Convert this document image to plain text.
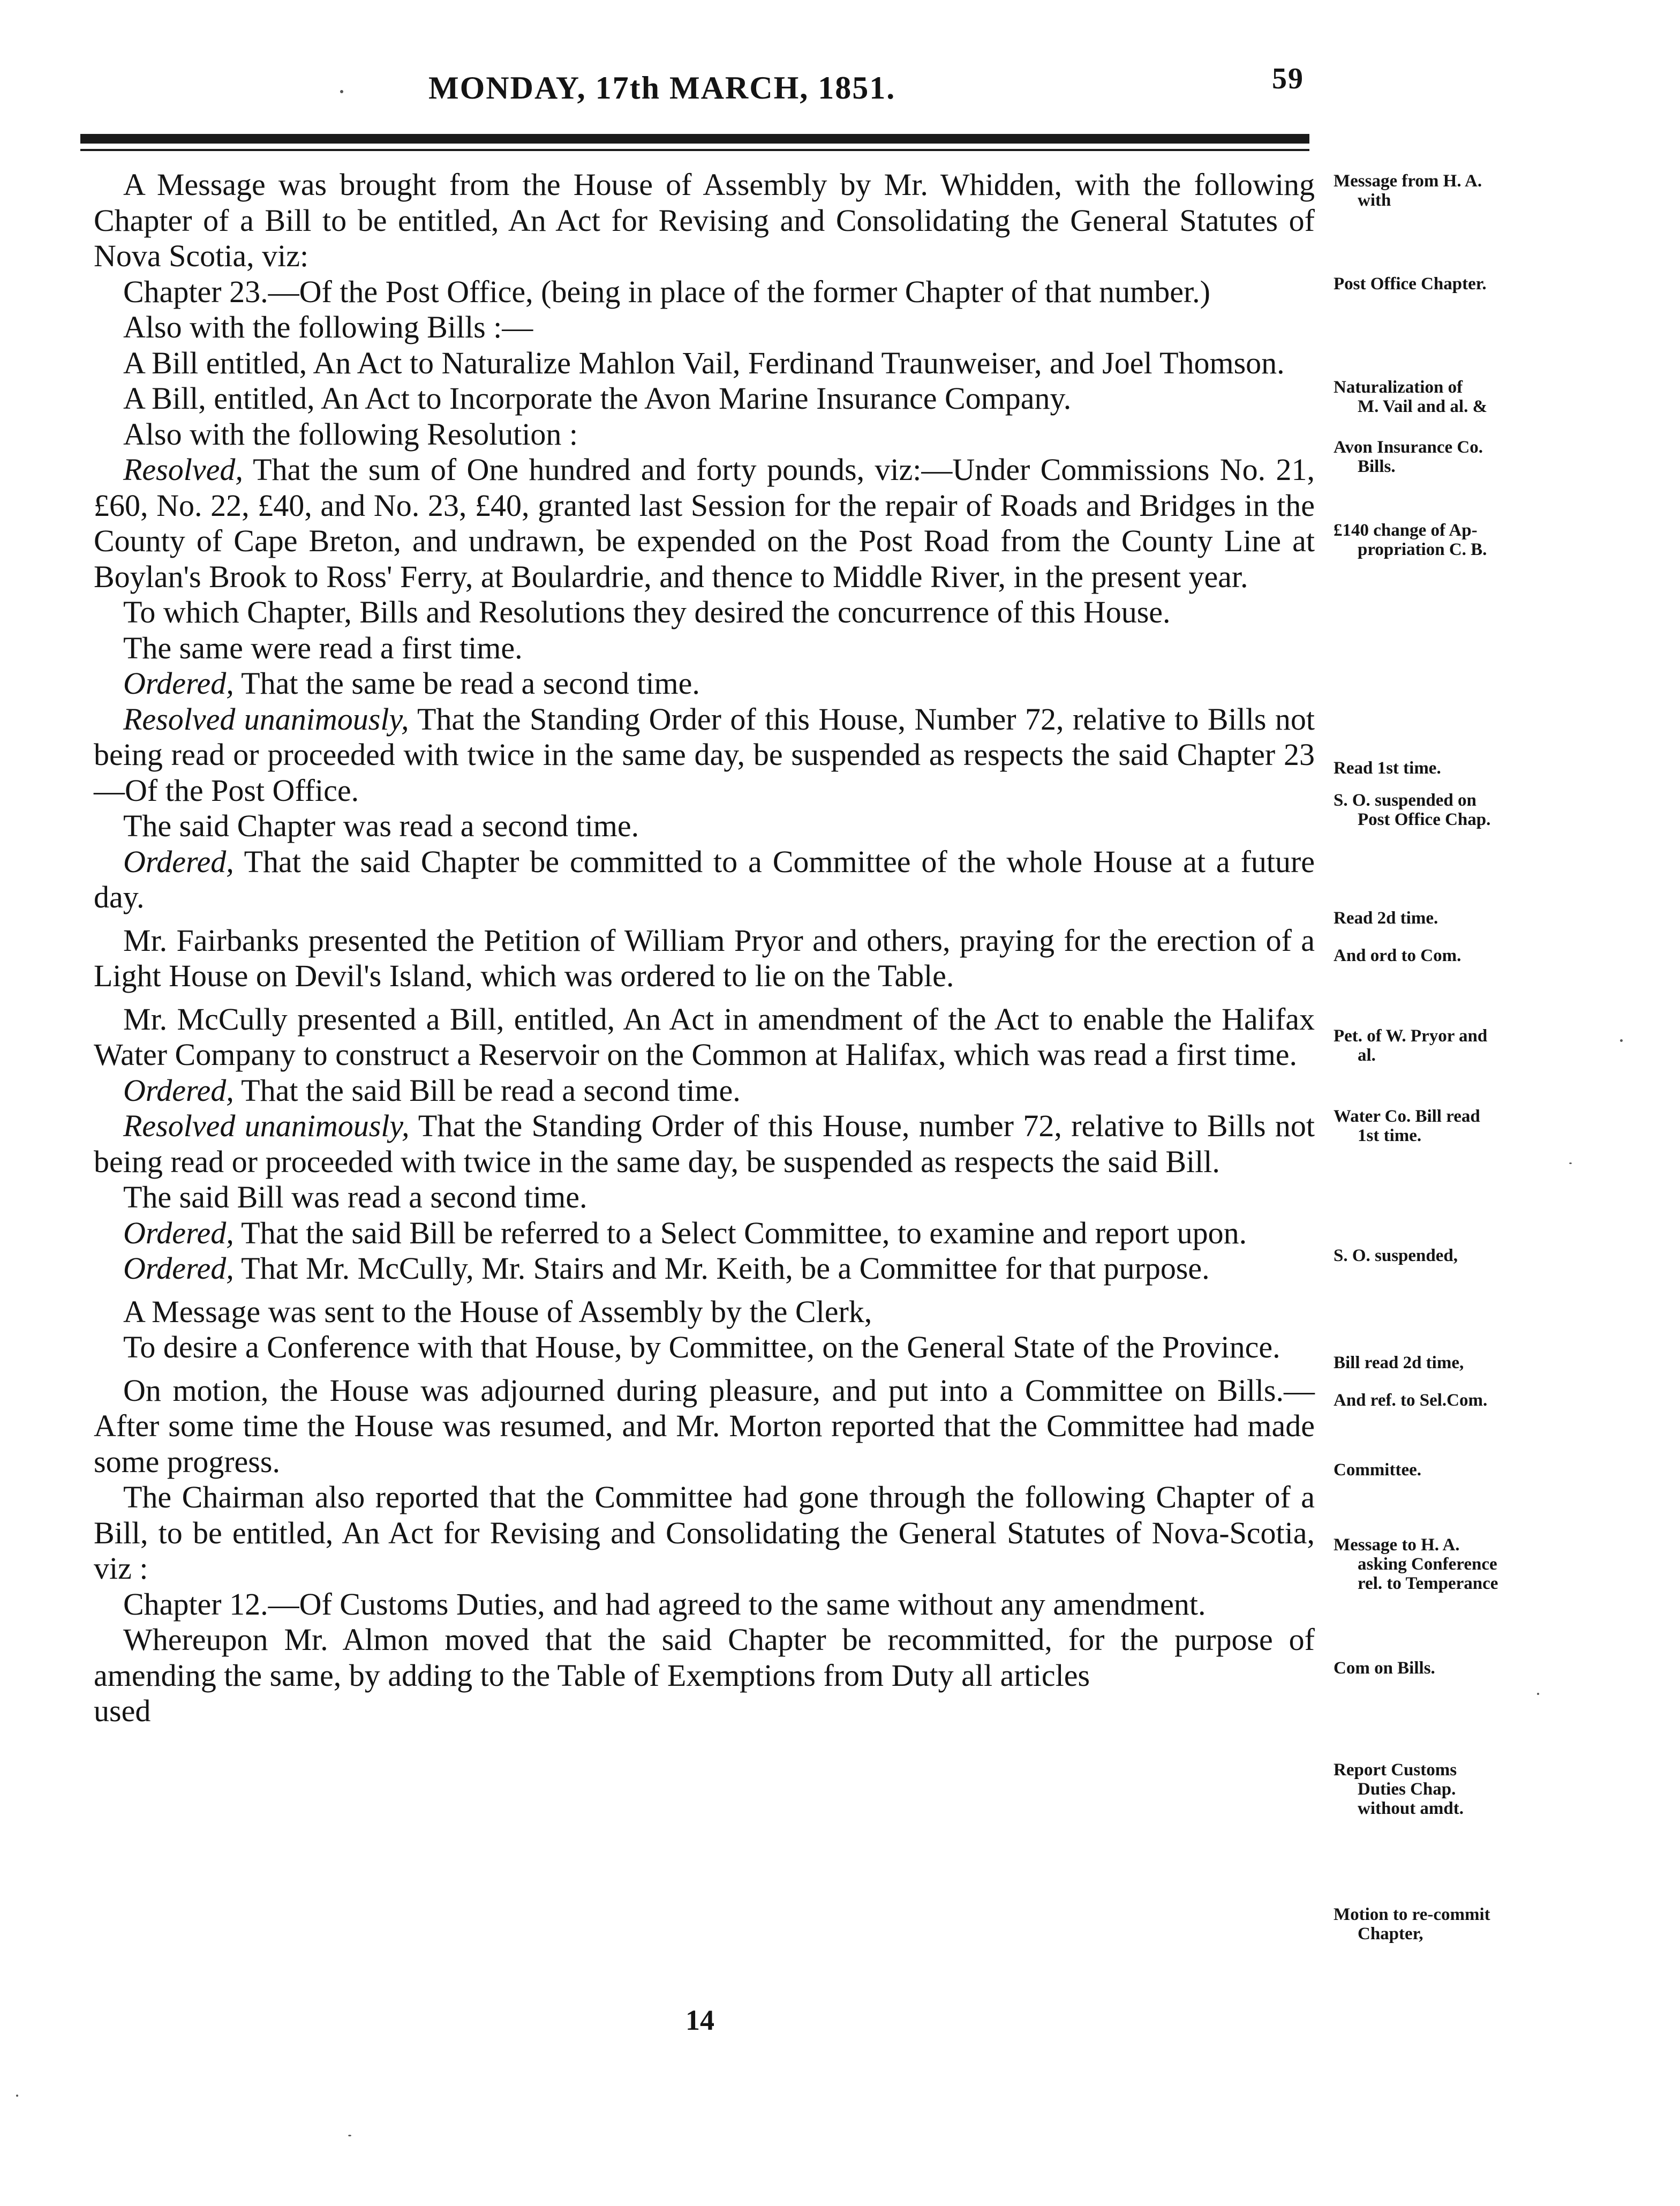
MONDAY, 17th MARCH, 1851.	59

A Message was brought from the House of Assembly by Mr. Whidden, with the following Chapter of a Bill to be entitled, An Act for Revising and Consolidating the General Statutes of Nova Scotia, viz:

Chapter 23.—Of the Post Office, (being in place of the former Chapter of that number.)

Also with the following Bills :—

A Bill entitled, An Act to Naturalize Mahlon Vail, Ferdinand Traunweiser, and Joel Thomson.

A Bill, entitled, An Act to Incorporate the Avon Marine Insurance Company.

Also with the following Resolution :

Resolved, That the sum of One hundred and forty pounds, viz:—Under Commissions No. 21, £60, No. 22, £40, and No. 23, £40, granted last Session for the repair of Roads and Bridges in the County of Cape Breton, and undrawn, be expended on the Post Road from the County Line at Boylan's Brook to Ross' Ferry, at Boulardrie, and thence to Middle River, in the present year.

To which Chapter, Bills and Resolutions they desired the concurrence of this House.

The same were read a first time.

Ordered, That the same be read a second time.

Resolved unanimously, That the Standing Order of this House, Number 72, relative to Bills not being read or proceeded with twice in the same day, be suspended as respects the said Chapter 23—Of the Post Office.

The said Chapter was read a second time.

Ordered, That the said Chapter be committed to a Committee of the whole House at a future day.

Mr. Fairbanks presented the Petition of William Pryor and others, praying for the erection of a Light House on Devil's Island, which was ordered to lie on the Table.

Mr. McCully presented a Bill, entitled, An Act in amendment of the Act to enable the Halifax Water Company to construct a Reservoir on the Common at Halifax, which was read a first time.

Ordered, That the said Bill be read a second time.

Resolved unanimously, That the Standing Order of this House, number 72, relative to Bills not being read or proceeded with twice in the same day, be suspended as respects the said Bill.

The said Bill was read a second time.

Ordered, That the said Bill be referred to a Select Committee, to examine and report upon.

Ordered, That Mr. McCully, Mr. Stairs and Mr. Keith, be a Committee for that purpose.

A Message was sent to the House of Assembly by the Clerk,

To desire a Conference with that House, by Committee, on the General State of the Province.

On motion, the House was adjourned during pleasure, and put into a Committee on Bills.—After some time the House was resumed, and Mr. Morton reported that the Committee had made some progress.

The Chairman also reported that the Committee had gone through the following Chapter of a Bill, to be entitled, An Act for Revising and Consolidating the General Statutes of Nova-Scotia, viz :

Chapter 12.—Of Customs Duties, and had agreed to the same without any amendment.

Whereupon Mr. Almon moved that the said Chapter be recommitted, for the purpose of amending the same, by adding to the Table of Exemptions from Duty all articles

used

Message from H. A.
with
Post Office Chapter.
Naturalization of
M. Vail and al. &
Avon Insurance Co.
Bills.
£140 change of Ap-
propriation C. B.
Read 1st time.
S. O. suspended on
Post Office Chap.
Read 2d time.
And ord to Com.
Pet. of W. Pryor and
al.
Water Co. Bill read
1st time.
S. O. suspended,
Bill read 2d time,
And ref. to Sel.Com.
Committee.
Message to H. A.
asking Conference
rel. to Temperance
Com on Bills.
Report Customs
Duties Chap.
without amdt.
Motion to re-commit
Chapter,
14
